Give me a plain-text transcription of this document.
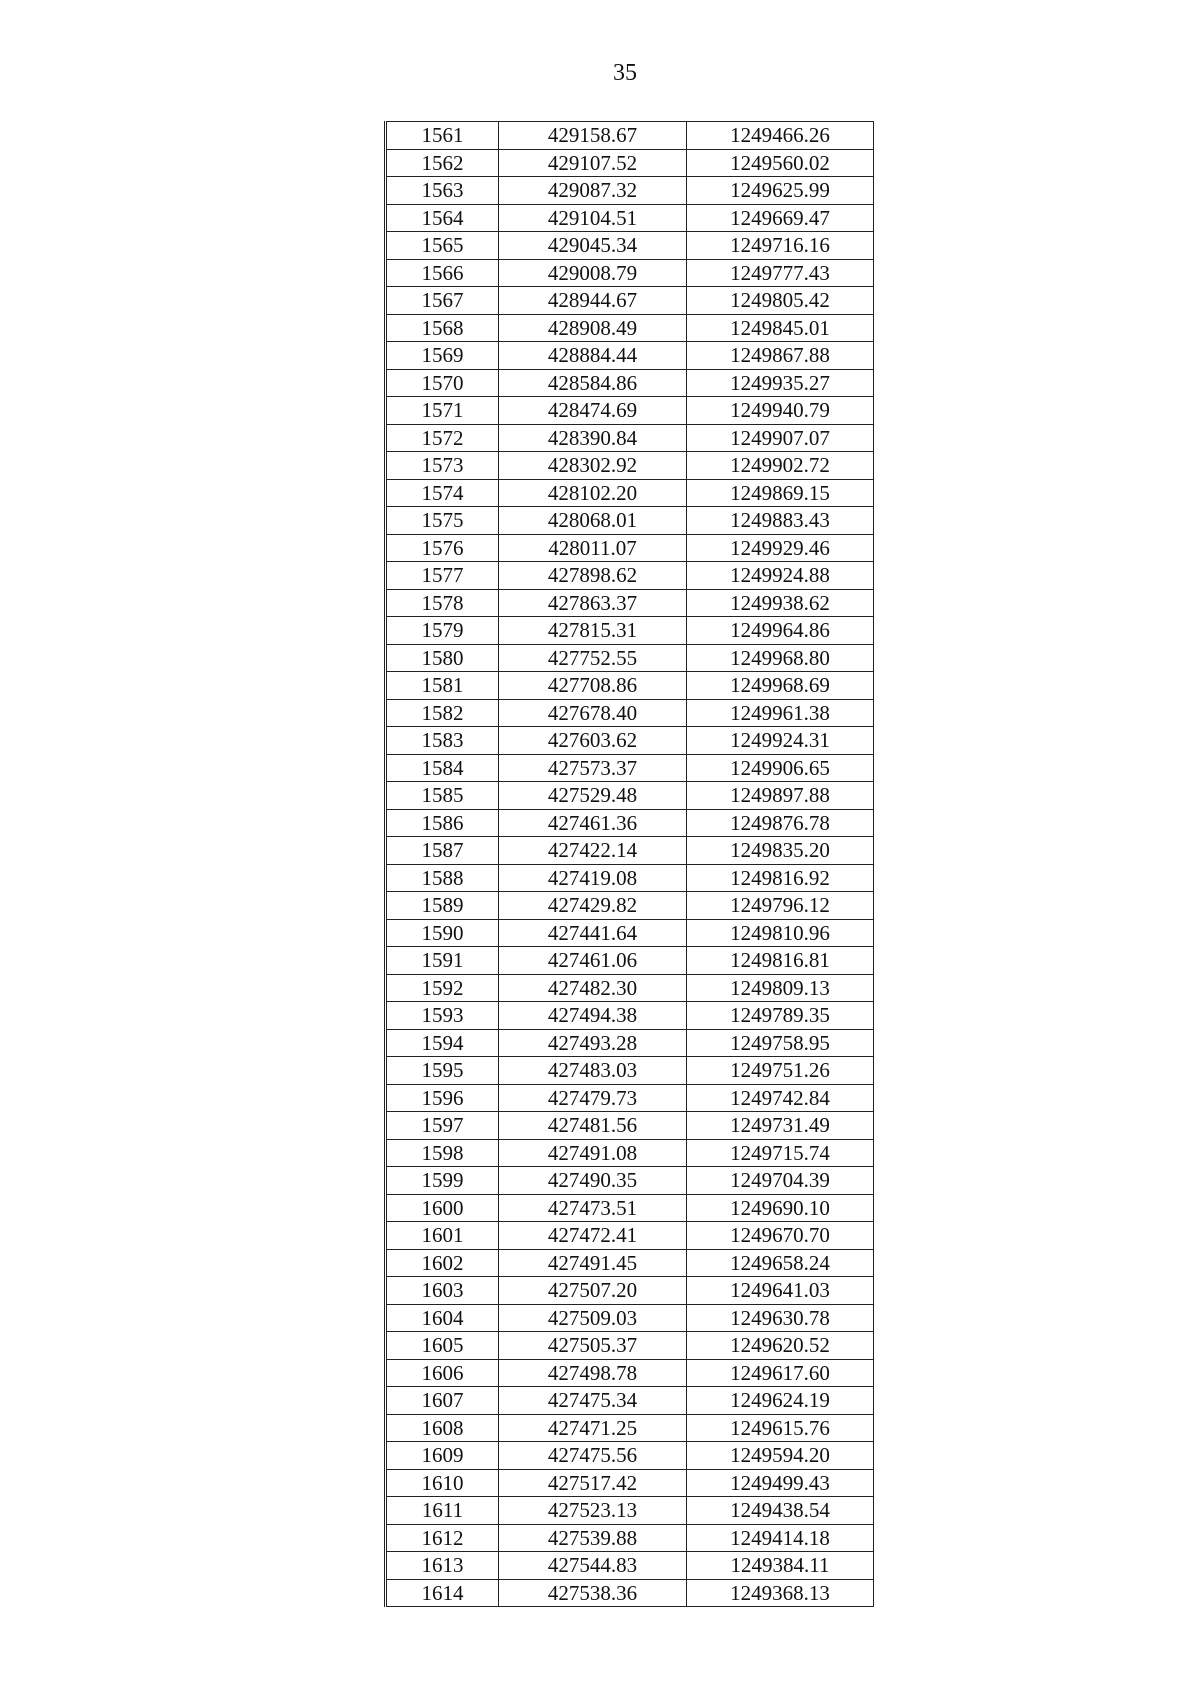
35
1561	429158.67	1249466.26
1562	429107.52	1249560.02
1563	429087.32	1249625.99
1564	429104.51	1249669.47
1565	429045.34	1249716.16
1566	429008.79	1249777.43
1567	428944.67	1249805.42
1568	428908.49	1249845.01
1569	428884.44	1249867.88
1570	428584.86	1249935.27
1571	428474.69	1249940.79
1572	428390.84	1249907.07
1573	428302.92	1249902.72
1574	428102.20	1249869.15
1575	428068.01	1249883.43
1576	428011.07	1249929.46
1577	427898.62	1249924.88
1578	427863.37	1249938.62
1579	427815.31	1249964.86
1580	427752.55	1249968.80
1581	427708.86	1249968.69
1582	427678.40	1249961.38
1583	427603.62	1249924.31
1584	427573.37	1249906.65
1585	427529.48	1249897.88
1586	427461.36	1249876.78
1587	427422.14	1249835.20
1588	427419.08	1249816.92
1589	427429.82	1249796.12
1590	427441.64	1249810.96
1591	427461.06	1249816.81
1592	427482.30	1249809.13
1593	427494.38	1249789.35
1594	427493.28	1249758.95
1595	427483.03	1249751.26
1596	427479.73	1249742.84
1597	427481.56	1249731.49
1598	427491.08	1249715.74
1599	427490.35	1249704.39
1600	427473.51	1249690.10
1601	427472.41	1249670.70
1602	427491.45	1249658.24
1603	427507.20	1249641.03
1604	427509.03	1249630.78
1605	427505.37	1249620.52
1606	427498.78	1249617.60
1607	427475.34	1249624.19
1608	427471.25	1249615.76
1609	427475.56	1249594.20
1610	427517.42	1249499.43
1611	427523.13	1249438.54
1612	427539.88	1249414.18
1613	427544.83	1249384.11
1614	427538.36	1249368.13
